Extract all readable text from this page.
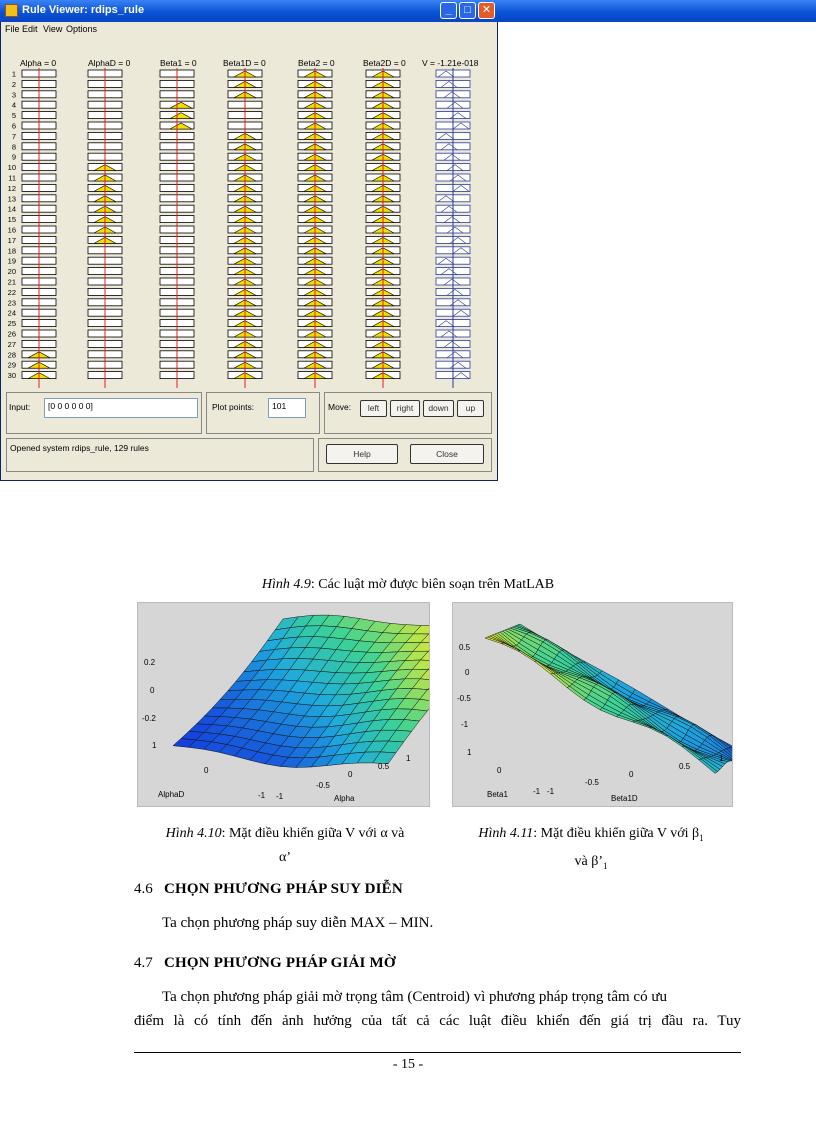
Rule Viewer: rdips_rule	_	□	✕
File Edit View Options
Alpha = 0	AlphaD = 0	Beta1 = 0	Beta1D = 0	Beta2 = 0	Beta2D = 0 V = -1.21e-018
1
2
3
4
5
6
7
8
9
10
11
12
13
14
15
16
17
18
19
20
21
22
23
24
25
26
27
28
29
30
Input:	[0 0 0 0 0 0]	Plot points:	101	Move:	left	right	down	up
Opened system rdips_rule, 129 rules
Help	Close
Hình 4.9: Các luật mờ được biên soạn trên MatLAB
0.2
0
-0.2
1
0
-1 -1
-0.5
0
0.5
1
AlphaD	Alpha
0.5
0
-0.5
-1
1
0
-1 -1
-0.5
0
0.5
1
Beta1	Beta1D
Hình 4.10: Mặt điều khiển giữa V với α và
α’
Hình 4.11: Mặt điều khiển giữa V với $\beta_1$
và $\beta’_1$
4.6 CHỌN PHƯƠNG PHÁP SUY DIỄN
Ta chọn phương pháp suy diễn MAX – MIN.
4.7 CHỌN PHƯƠNG PHÁP GIẢI MỜ
Ta chọn phương pháp giải mờ trọng tâm (Centroid) vì phương pháp trọng tâm có ưu
điểm là có tính đến ảnh hưởng của tất cả các luật điều khiển đến giá trị đầu ra. Tuy
- 15 -
